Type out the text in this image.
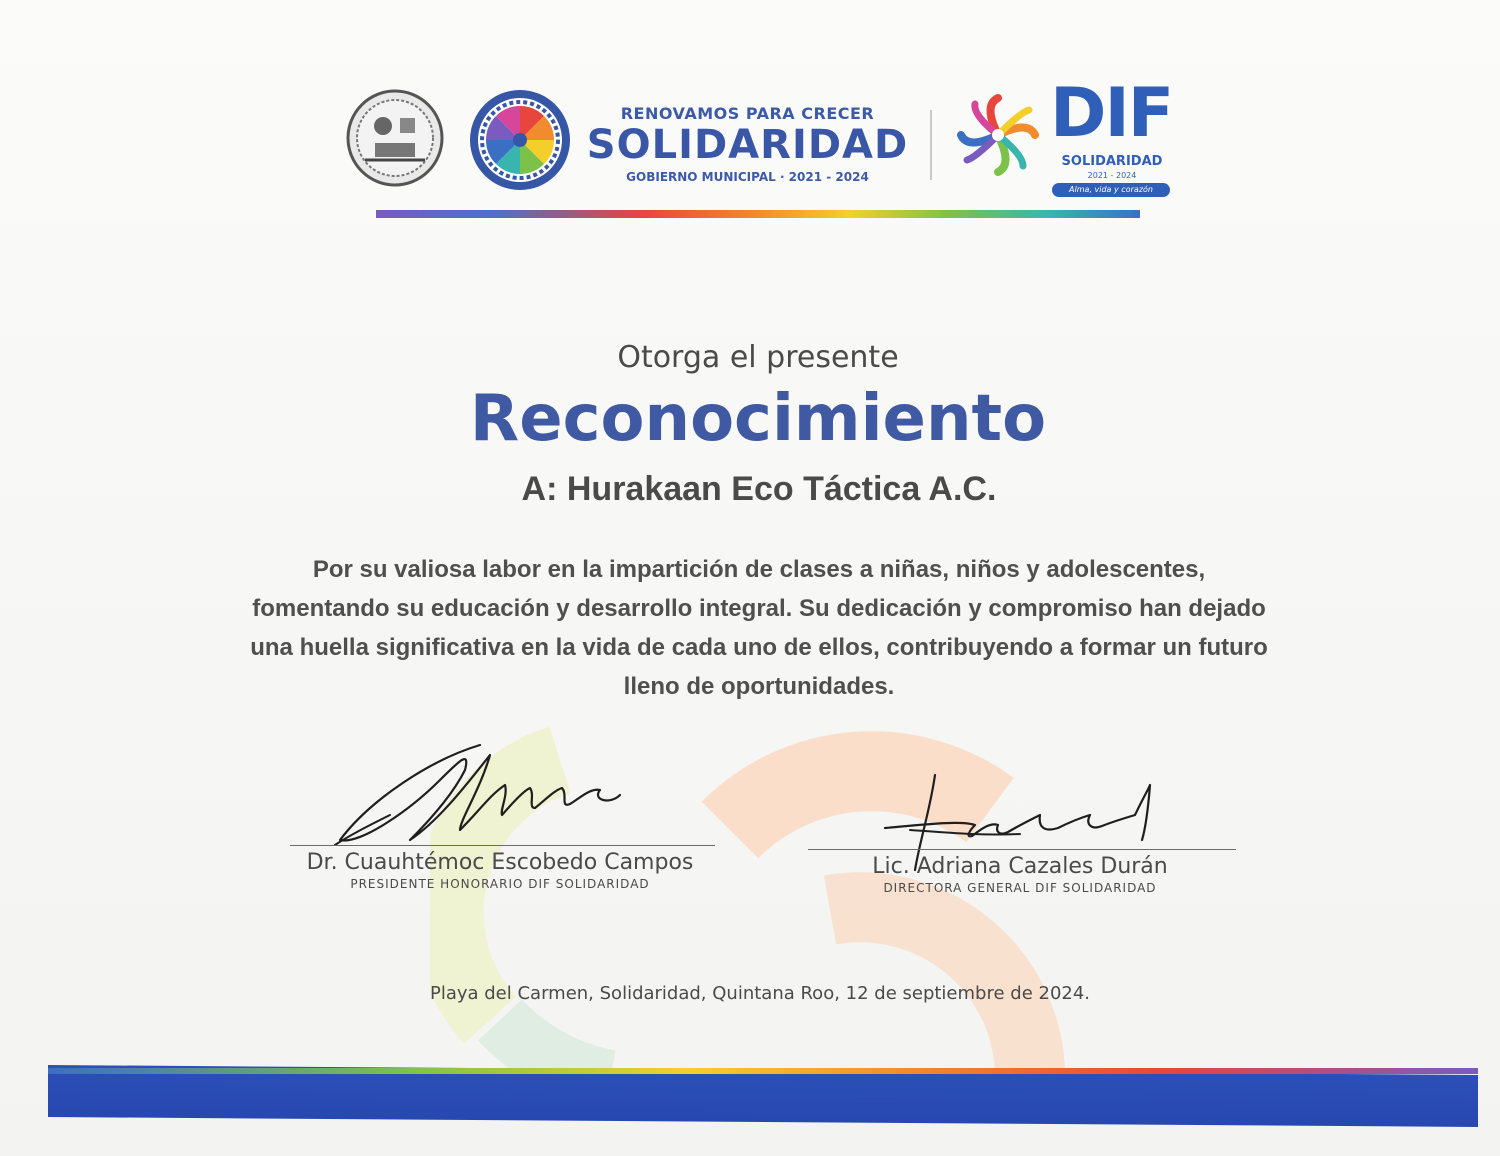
RENOVAMOS PARA CRECER
SOLIDARIDAD
GOBIERNO MUNICIPAL · 2021 - 2024
DIF
SOLIDARIDAD
2021 - 2024
Alma, vida y corazón
Otorga el presente
Reconocimiento
A: Hurakaan Eco Táctica A.C.
Por su valiosa labor en la impartición de clases a niñas, niños y adolescentes, fomentando su educación y desarrollo integral. Su dedicación y compromiso han dejado una huella significativa en la vida de cada uno de ellos, contribuyendo a formar un futuro lleno de oportunidades.
Dr. Cuauhtémoc Escobedo Campos
PRESIDENTE HONORARIO DIF SOLIDARIDAD
Lic. Adriana Cazales Durán
DIRECTORA GENERAL DIF SOLIDARIDAD
Playa del Carmen, Solidaridad, Quintana Roo, 12 de septiembre de 2024.
